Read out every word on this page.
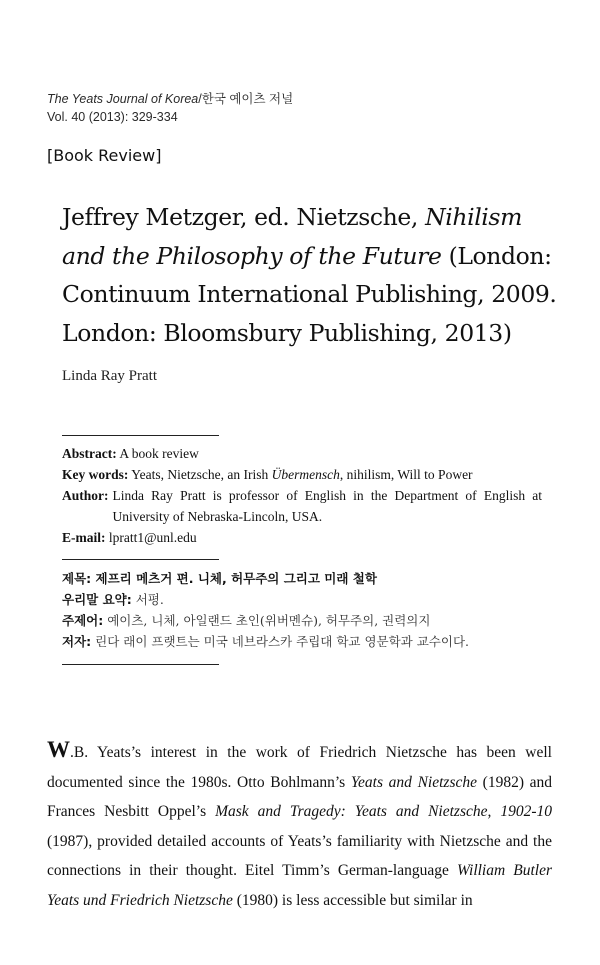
The Yeats Journal of Korea/한국 예이츠 저널
Vol. 40 (2013): 329-334
[Book Review]
Jeffrey Metzger, ed. Nietzsche, Nihilism and the Philosophy of the Future (London: Continuum International Publishing, 2009. London: Bloomsbury Publishing, 2013)
Linda Ray Pratt
Abstract: A book review
Key words: Yeats, Nietzsche, an Irish Übermensch, nihilism, Will to Power
Author: Linda Ray Pratt is professor of English in the Department of English at University of Nebraska-Lincoln, USA.
E-mail: lpratt1@unl.edu
제목: 제프리 메츠거 편. 니체, 허무주의 그리고 미래 철학
우리말 요약: 서평.
주제어: 예이츠, 니체, 아일랜드 초인(위버멘슈), 허무주의, 권력의지
저자: 린다 래이 프랫트는 미국 네브라스카 주립대 학교 영문학과 교수이다.

W.B. Yeats’s interest in the work of Friedrich Nietzsche has been well documented since the 1980s. Otto Bohlmann’s Yeats and Nietzsche (1982) and Frances Nesbitt Oppel’s Mask and Tragedy: Yeats and Nietzsche, 1902-10 (1987), provided detailed accounts of Yeats’s familiarity with Nietzsche and the connections in their thought. Eitel Timm’s German-language William Butler Yeats und Friedrich Nietzsche (1980) is less accessible but similar in
